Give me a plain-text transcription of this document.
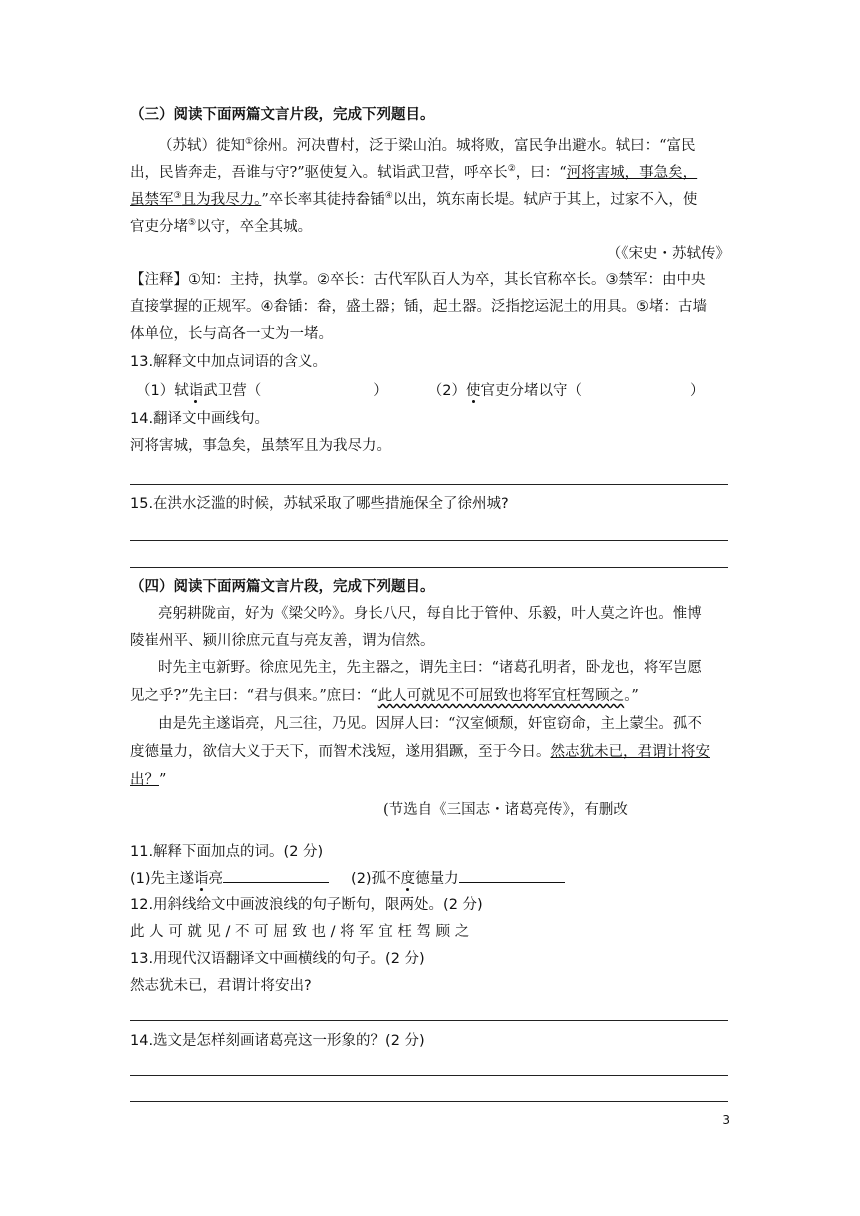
（三）阅读下面两篇文言片段，完成下列题目。
（苏轼）徙知①徐州。河决曹村，泛于梁山泊。城将败，富民争出避水。轼曰：“富民
出，民皆奔走，吾谁与守?”驱使复入。轼诣武卫营，呼卒长②，曰：“河将害城，事急矣，
虽禁军③且为我尽力。”卒长率其徒持畚锸④以出，筑东南长堤。轼庐于其上，过家不入，使
官吏分堵⑤以守，卒全其城。
（《宋史・苏轼传》
【注释】①知：主持，执掌。②卒长：古代军队百人为卒，其长官称卒长。③禁军：由中央
直接掌握的正规军。④畚锸：畚，盛土器；锸，起土器。泛指挖运泥土的用具。⑤堵：古墙
体单位，长与高各一丈为一堵。
13.解释文中加点词语的含义。
（1）轼诣武卫营（	）	（2）使官吏分堵以守（	）
14.翻译文中画线句。
河将害城，事急矣，虽禁军且为我尽力。
15.在洪水泛滥的时候，苏轼采取了哪些措施保全了徐州城?
（四）阅读下面两篇文言片段，完成下列题目。
亮躬耕陇亩，好为《梁父吟》。身长八尺，每自比于管仲、乐毅，叶人莫之许也。惟博
陵崔州平、颍川徐庶元直与亮友善，谓为信然。
时先主屯新野。徐庶见先主，先主器之，谓先主曰：“诸葛孔明者，卧龙也，将军岂愿
见之乎?”先主曰：“君与俱来。”庶曰：“此人可就见不可屈致也将军宜枉驾顾之。”
由是先主遂诣亮，凡三往，乃见。因屏人曰：“汉室倾颓，奸宦窃命，主上蒙尘。孤不
度德量力，欲信大义于天下，而智术浅短，遂用猖蹶，至于今日。然志犹未已，君谓计将安
出？”
(节选自《三国志・诸葛亮传》，有删改
11.解释下面加点的词。(2 分)
(1)先主遂诣亮	(2)孤不度德量力
12.用斜线给文中画波浪线的句子断句，限两处。(2 分)
此 人 可 就 见 / 不 可 屈 致 也 / 将 军 宜 枉 驾 顾 之
13.用现代汉语翻译文中画横线的句子。(2 分)
然志犹未已，君谓计将安出?
14.选文是怎样刻画诸葛亮这一形象的？(2 分)
3
